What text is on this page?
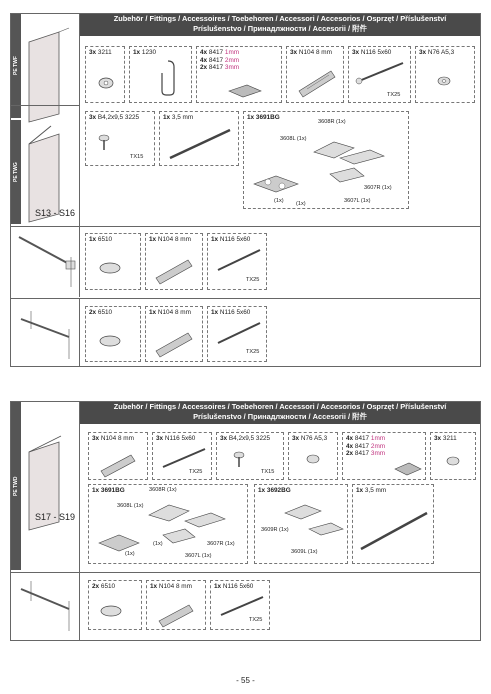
Zubehör / Fittings / Accessoires / Toebehoren / Accessori / Accesorios / Osprzęt / Příslušenství
Príslušenstvo / Принадлжности / Accesorii / 附件
PE TWF
PE TWG
S13 - S16
3x 3211	1x 1230	4x 8417 1mm
4x 8417 2mm
2x 8417 3mm
3x N104 8 mm	3x N116 5x60
TX25
3x N76 A5,3
3x B4,2x9,5 3225
TX15
1x 3,5 mm	1x 3691BG
3608R (1x)
3608L (1x)
(1x)
3607R (1x)
(1x)	3607L (1x)
1x 6510	1x N104 8 mm	1x N116 5x60
TX25
2x 6510	1x N104 8 mm	1x N116 5x60
TX25
Zubehör / Fittings / Accessoires / Toebehoren / Accessori / Accesorios / Osprzęt / Příslušenství
Príslušenstvo / Принадлжности / Accesorii / 附件
PE TWD
S17 - S19
3x N104 8 mm	3x N116 5x60
TX25
3x B4,2x9,5 3225
TX15
3x N76 A5,3	4x 8417 1mm
4x 8417 2mm
2x 8417 3mm
3x 3211
1x 3691BG	3608R (1x)
3608L (1x)
(1x)
3607R (1x)
(1x)
3607L (1x)
1x 3692BG
3609R (1x)
3609L (1x)
1x 3,5 mm
2x 6510	1x N104 8 mm	1x N116 5x60
TX25
- 55 -
